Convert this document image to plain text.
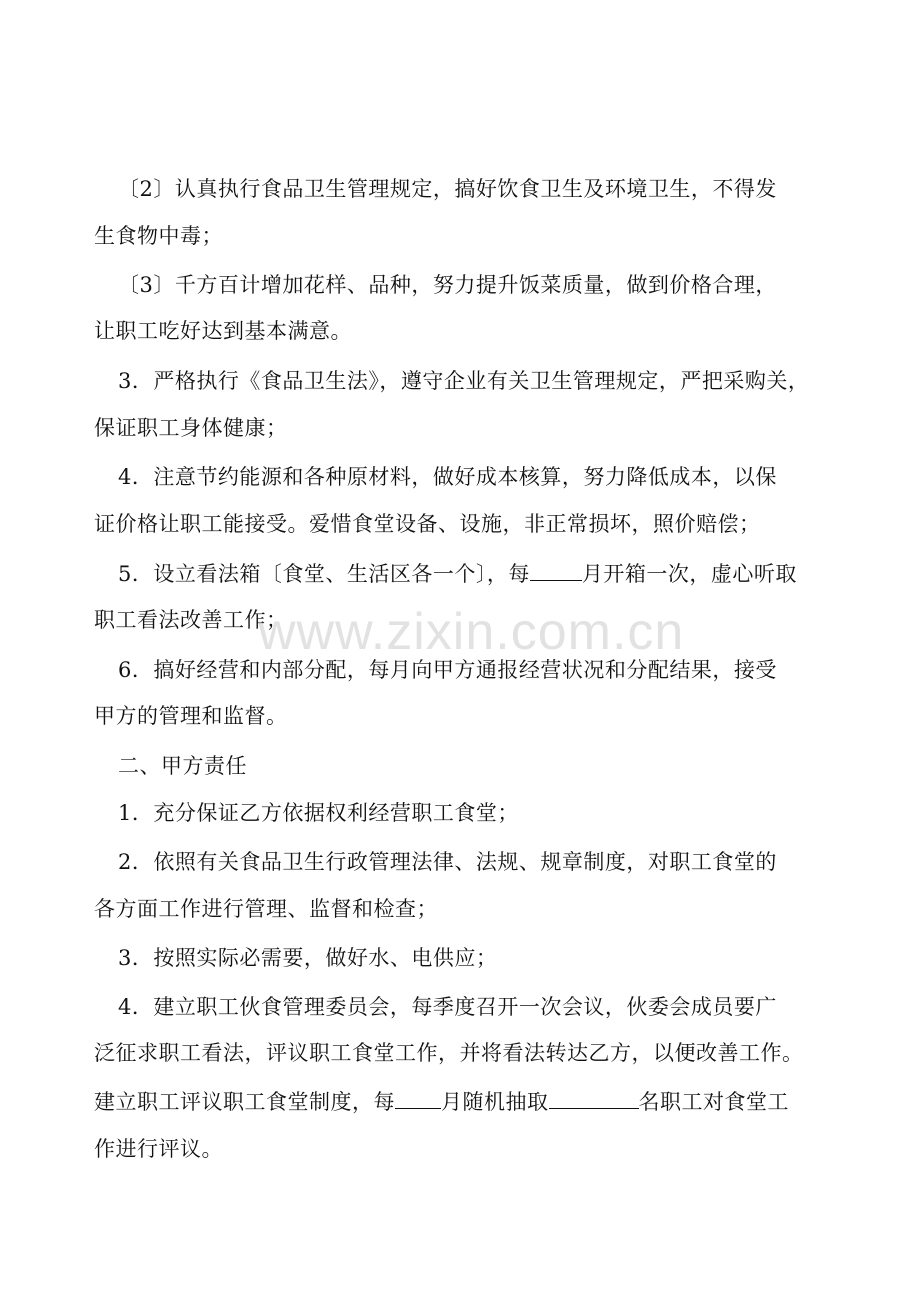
〔2〕认真执行食品卫生管理规定，搞好饮食卫生及环境卫生，不得发
生食物中毒；
〔3〕千方百计增加花样、品种，努力提升饭菜质量，做到价格合理，
让职工吃好达到基本满意。
3．严格执行《食品卫生法》，遵守企业有关卫生管理规定，严把采购关，
保证职工身体健康；
4．注意节约能源和各种原材料，做好成本核算，努力降低成本，以保
证价格让职工能接受。爱惜食堂设备、设施，非正常损坏，照价赔偿；
5．设立看法箱〔食堂、生活区各一个〕，每 月开箱一次，虚心听取
职工看法改善工作；
6．搞好经营和内部分配，每月向甲方通报经营状况和分配结果，接受
甲方的管理和监督。
二、甲方责任
1．充分保证乙方依据权利经营职工食堂；
2．依照有关食品卫生行政管理法律、法规、规章制度，对职工食堂的
各方面工作进行管理、监督和检查；
3．按照实际必需要，做好水、电供应；
4．建立职工伙食管理委员会，每季度召开一次会议，伙委会成员要广
泛征求职工看法，评议职工食堂工作，并将看法转达乙方，以便改善工作。
建立职工评议职工食堂制度，每 月随机抽取	名职工对食堂工
作进行评议。
www.zixin.com.cn
